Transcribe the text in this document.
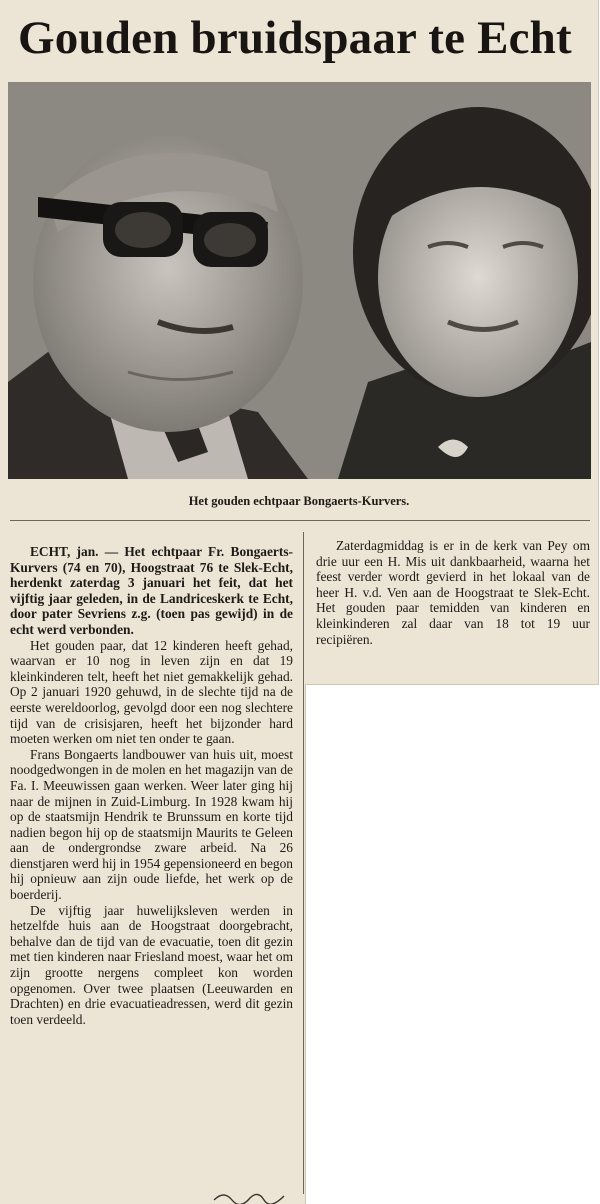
Gouden bruidspaar te Echt
Het gouden echtpaar Bongaerts-Kurvers.

ECHT, jan. — Het echtpaar Fr. Bongaerts-Kurvers (74 en 70), Hoogstraat 76 te Slek-Echt, herdenkt zaterdag 3 januari het feit, dat het vijftig jaar geleden, in de Landriceskerk te Echt, door pater Sevriens z.g. (toen pas gewijd) in de echt werd verbonden.

Het gouden paar, dat 12 kinderen heeft gehad, waarvan er 10 nog in leven zijn en dat 19 kleinkinderen telt, heeft het niet gemakkelijk gehad. Op 2 januari 1920 gehuwd, in de slechte tijd na de eerste wereldoorlog, gevolgd door een nog slechtere tijd van de crisisjaren, heeft het bijzonder hard moeten werken om niet ten onder te gaan.

Frans Bongaerts landbouwer van huis uit, moest noodgedwongen in de molen en het magazijn van de Fa. I. Meeuwissen gaan werken. Weer later ging hij naar de mijnen in Zuid-Limburg. In 1928 kwam hij op de staatsmijn Hendrik te Brunssum en korte tijd nadien begon hij op de staatsmijn Maurits te Geleen aan de ondergrondse zware arbeid. Na 26 dienstjaren werd hij in 1954 gepensioneerd en begon hij opnieuw aan zijn oude liefde, het werk op de boerderij.

De vijftig jaar huwelijksleven werden in hetzelfde huis aan de Hoogstraat doorgebracht, behalve dan de tijd van de evacuatie, toen dit gezin met tien kinderen naar Friesland moest, waar het om zijn grootte nergens compleet kon worden opgenomen. Over twee plaatsen (Leeuwarden en Drachten) en drie evacuatieadressen, werd dit gezin toen verdeeld.

Zaterdagmiddag is er in de kerk van Pey om drie uur een H. Mis uit dankbaarheid, waarna het feest verder wordt gevierd in het lokaal van de heer H. v.d. Ven aan de Hoogstraat te Slek-Echt. Het gouden paar temidden van kinderen en kleinkinderen zal daar van 18 tot 19 uur recipiëren.
